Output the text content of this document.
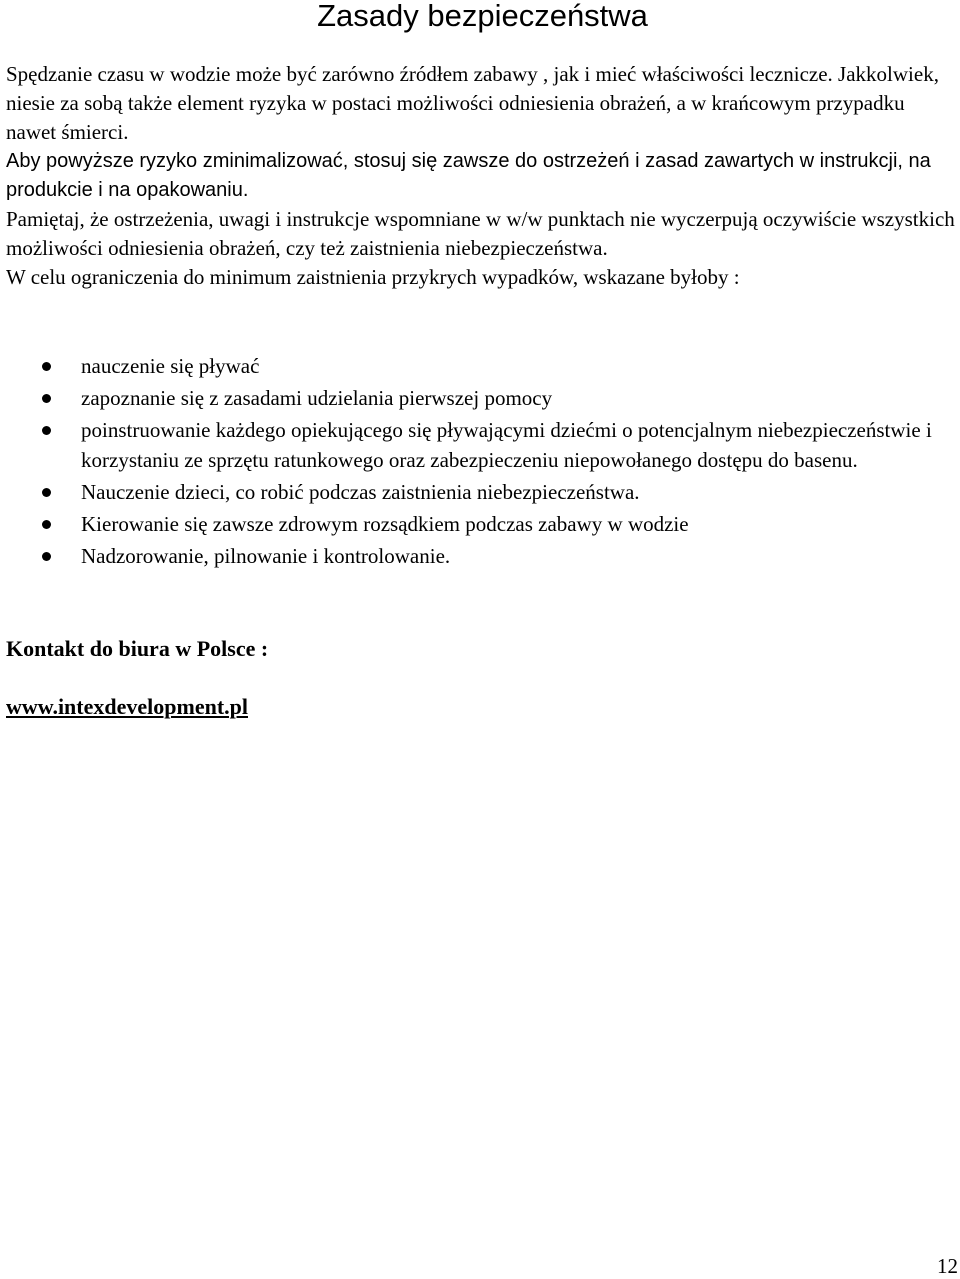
Zasady bezpieczeństwa

Spędzanie czasu w wodzie może być zarówno źródłem zabawy , jak i mieć właściwości lecznicze. Jakkolwiek, niesie za sobą także element ryzyka w postaci możliwości odniesienia obrażeń, a w krańcowym przypadku nawet śmierci.

Aby powyższe ryzyko zminimalizować, stosuj się zawsze do ostrzeżeń i zasad zawartych w instrukcji, na produkcie i na opakowaniu.

Pamiętaj, że ostrzeżenia, uwagi i instrukcje wspomniane w w/w punktach nie wyczerpują oczywiście wszystkich możliwości odniesienia obrażeń, czy też zaistnienia niebezpieczeństwa.

W celu ograniczenia do minimum zaistnienia przykrych wypadków, wskazane byłoby :

nauczenie się pływać
zapoznanie się z zasadami udzielania pierwszej pomocy
poinstruowanie każdego opiekującego się pływającymi dziećmi o potencjalnym niebezpieczeństwie i korzystaniu ze sprzętu ratunkowego oraz zabezpieczeniu niepowołanego dostępu do basenu.
Nauczenie dzieci, co robić podczas zaistnienia niebezpieczeństwa.
Kierowanie się zawsze zdrowym rozsądkiem podczas zabawy w wodzie
Nadzorowanie, pilnowanie i kontrolowanie.

Kontakt do biura w Polsce :

www.intexdevelopment.pl
12
